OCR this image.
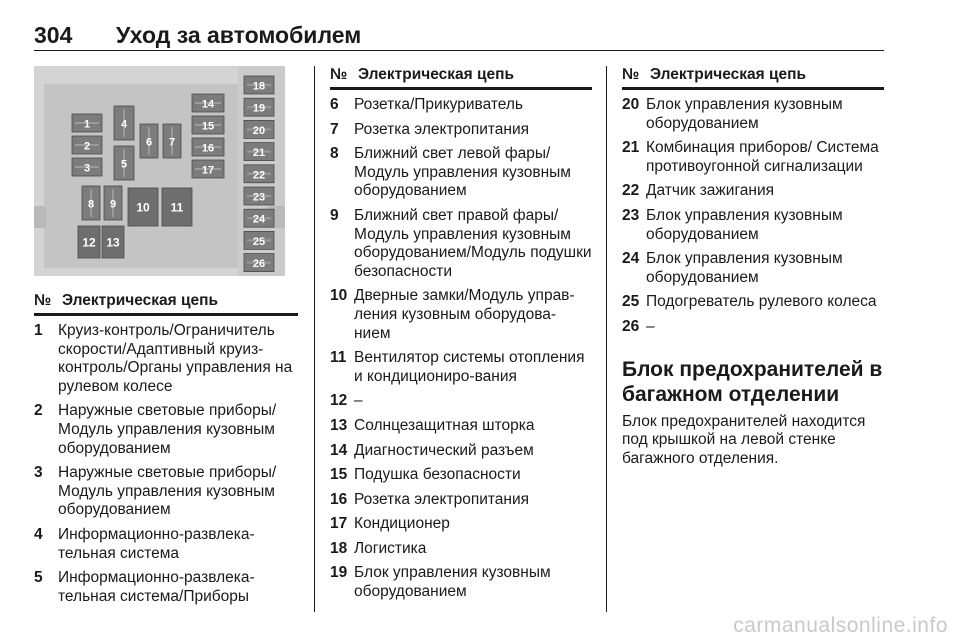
304 Уход за автомобилем
1
2
3
4
5
6 7
8 9 10 11
12 13
14
15
16
17
18
19
20
21
22
23
24
25
26
№ Электрическая цепь
1 Круиз-контроль/Ограничитель скорости/Адаптивный круиз-контроль/Органы управления на рулевом колесе
2 Наружные световые приборы/ Модуль управления кузовным оборудованием
3 Наружные световые приборы/ Модуль управления кузовным оборудованием
4 Информационно-развлека-тельная система
5 Информационно-развлека-тельная система/Приборы
№ Электрическая цепь
6 Розетка/Прикуриватель
7 Розетка электропитания
8 Ближний свет левой фары/ Модуль управления кузовным оборудованием
9 Ближний свет правой фары/ Модуль управления кузовным оборудованием/Модуль подушки безопасности
10 Дверные замки/Модуль управ-ления кузовным оборудова-нием
11 Вентилятор системы отопления и кондициониро-вания
12 –
13 Солнцезащитная шторка
14 Диагностический разъем
15 Подушка безопасности
16 Розетка электропитания
17 Кондиционер
18 Логистика
19 Блок управления кузовным оборудованием
№ Электрическая цепь
20 Блок управления кузовным оборудованием
21 Комбинация приборов/ Система противоугонной сигнализации
22 Датчик зажигания
23 Блок управления кузовным оборудованием
24 Блок управления кузовным оборудованием
25 Подогреватель рулевого колеса
26 –
Блок предохранителей в багажном отделении
Блок предохранителей находится под крышкой на левой стенке багажного отделения.
carmanualsonline.info
